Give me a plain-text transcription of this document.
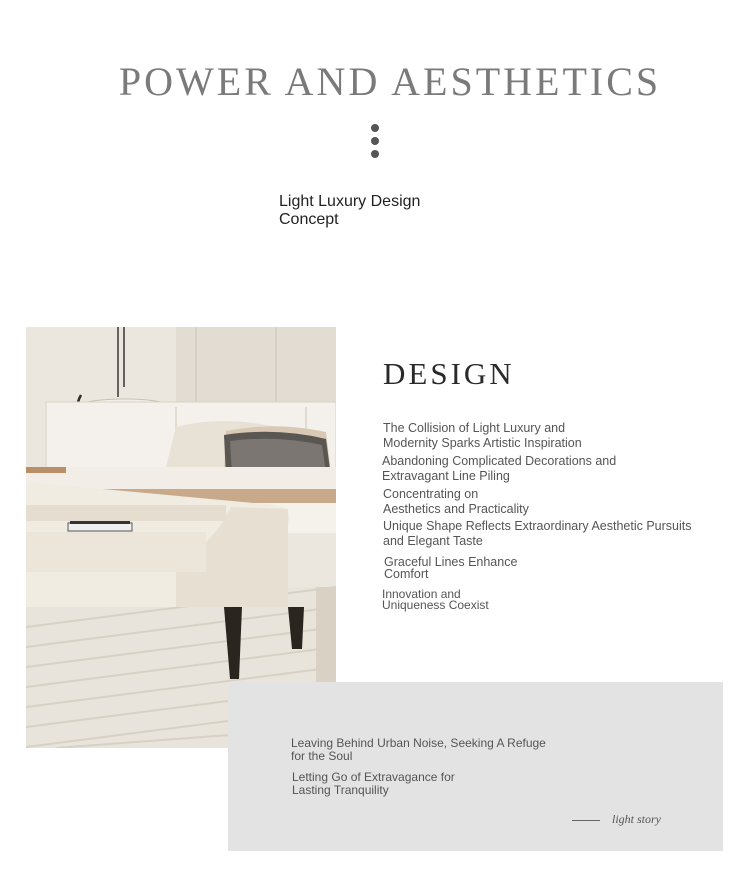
POWER AND AESTHETICS
Light Luxury Design
Concept
DESIGN
The Collision of Light Luxury and
Modernity Sparks Artistic Inspiration
Abandoning Complicated Decorations and
Extravagant Line Piling
Concentrating on
Aesthetics and Practicality
Unique Shape Reflects Extraordinary Aesthetic Pursuits
and Elegant Taste
Graceful Lines Enhance
Comfort
Innovation and
Uniqueness Coexist
Leaving Behind Urban Noise, Seeking A Refuge
for the Soul
Letting Go of Extravagance for
Lasting Tranquility
light story
